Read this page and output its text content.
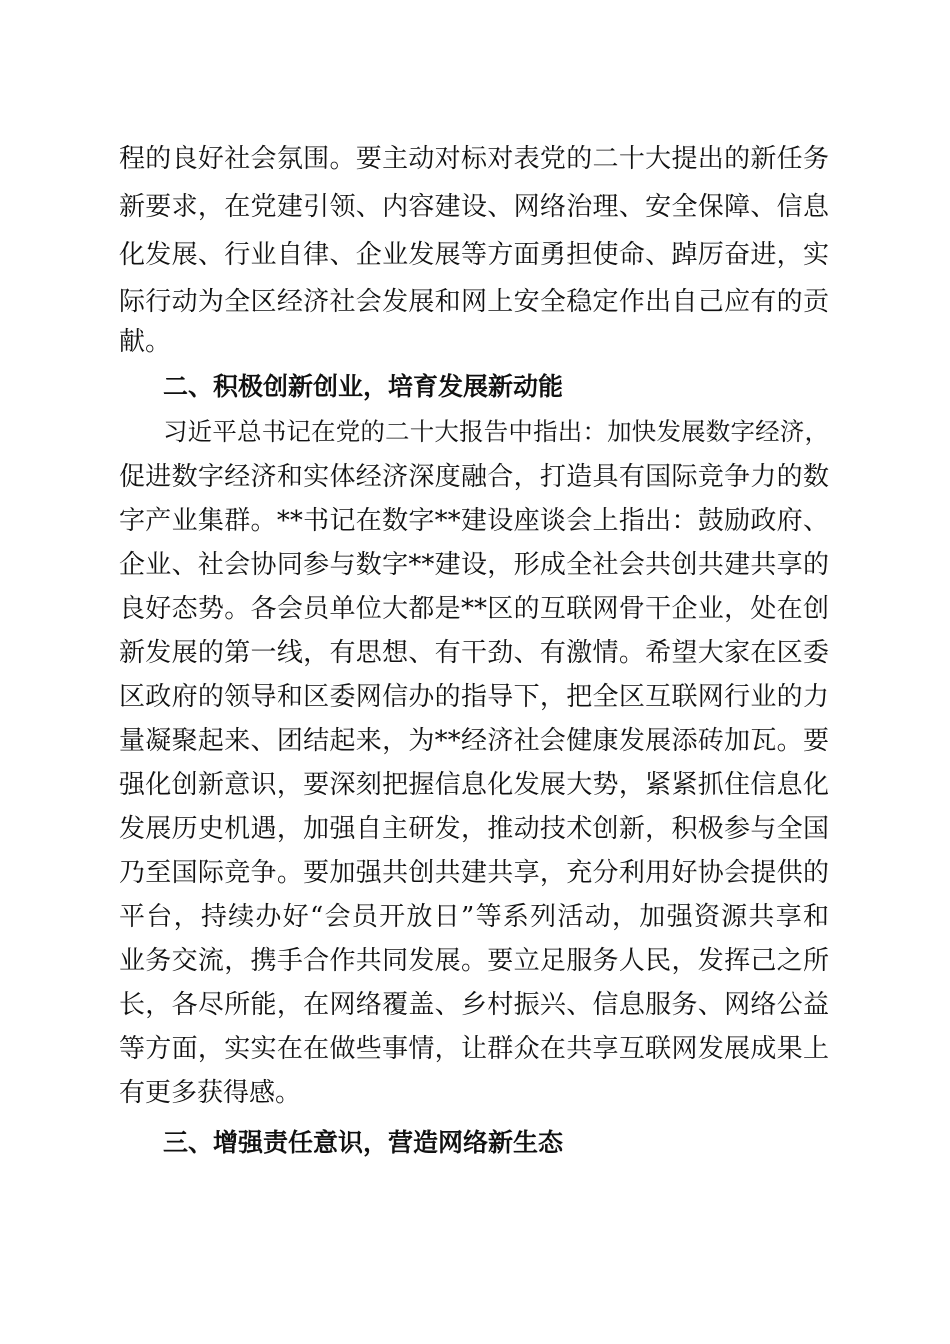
程的良好社会氛围。要主动对标对表党的二十大提出的新任务
新要求，在党建引领、内容建设、网络治理、安全保障、信息
化发展、行业自律、企业发展等方面勇担使命、踔厉奋进，实
际行动为全区经济社会发展和网上安全稳定作出自己应有的贡
献。
二、积极创新创业，培育发展新动能
习近平总书记在党的二十大报告中指出：加快发展数字经济，
促进数字经济和实体经济深度融合，打造具有国际竞争力的数
字产业集群。**书记在数字**建设座谈会上指出：鼓励政府、
企业、社会协同参与数字**建设，形成全社会共创共建共享的
良好态势。各会员单位大都是**区的互联网骨干企业，处在创
新发展的第一线，有思想、有干劲、有激情。希望大家在区委
区政府的领导和区委网信办的指导下，把全区互联网行业的力
量凝聚起来、团结起来，为**经济社会健康发展添砖加瓦。要
强化创新意识，要深刻把握信息化发展大势，紧紧抓住信息化
发展历史机遇，加强自主研发，推动技术创新，积极参与全国
乃至国际竞争。要加强共创共建共享，充分利用好协会提供的
平台，持续办好“会员开放日”等系列活动，加强资源共享和
业务交流，携手合作共同发展。要立足服务人民，发挥己之所
长，各尽所能，在网络覆盖、乡村振兴、信息服务、网络公益
等方面，实实在在做些事情，让群众在共享互联网发展成果上
有更多获得感。
三、增强责任意识，营造网络新生态
